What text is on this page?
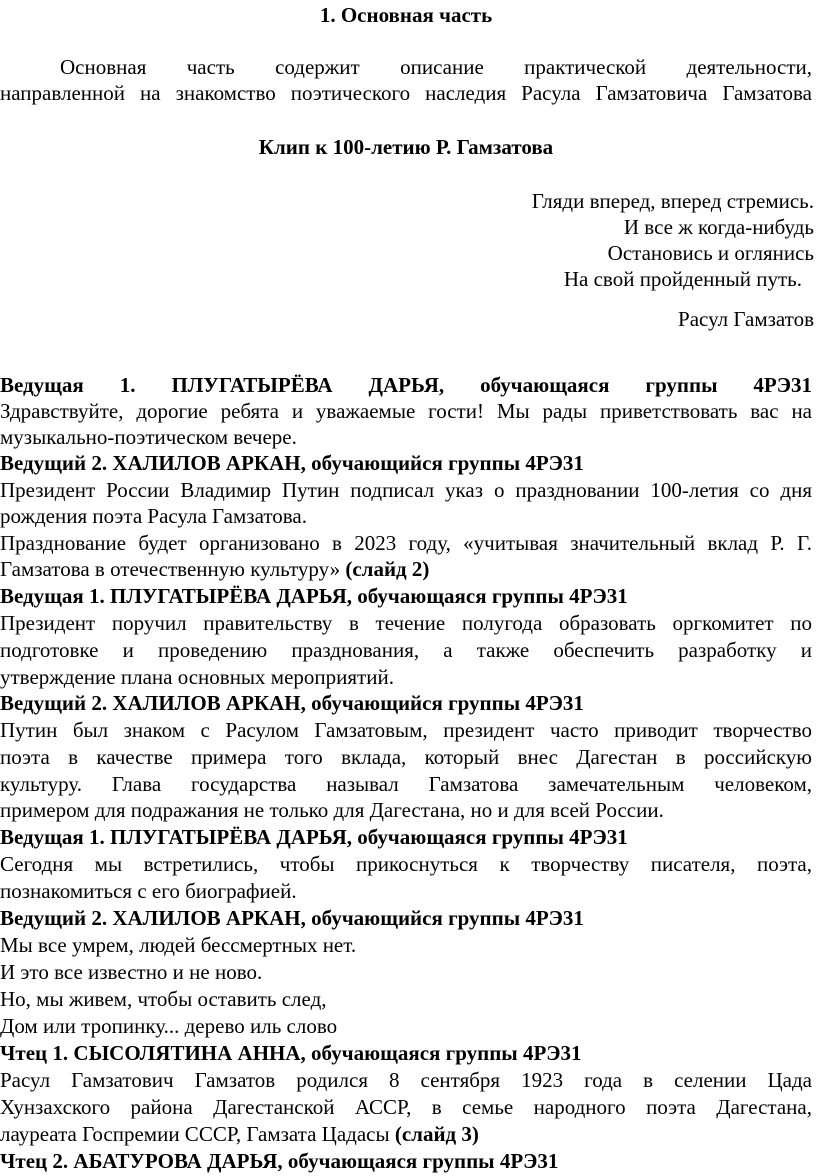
1. Основная часть
Основная часть содержит описание практической деятельности,
направленной на знакомство поэтического наследия Расула Гамзатовича Гамзатова
Клип к 100-летию Р. Гамзатова
Гляди вперед, вперед стремись.
И все ж когда-нибудь
Остановись и оглянись
На свой пройденный путь.
Расул Гамзатов
Ведущая 1. ПЛУГАТЫРЁВА ДАРЬЯ, обучающаяся группы 4РЭ31
Здравствуйте, дорогие ребята и уважаемые гости! Мы рады приветствовать вас на
музыкально-поэтическом вечере.
Ведущий 2. ХАЛИЛОВ АРКАН, обучающийся группы 4РЭ31
Президент России Владимир Путин подписал указ о праздновании 100-летия со дня
рождения поэта Расула Гамзатова.
Празднование будет организовано в 2023 году, «учитывая значительный вклад Р. Г.
Гамзатова в отечественную культуру» (слайд 2)
Ведущая 1. ПЛУГАТЫРЁВА ДАРЬЯ, обучающаяся группы 4РЭ31
Президент поручил правительству в течение полугода образовать оргкомитет по
подготовке и проведению празднования, а также обеспечить разработку и
утверждение плана основных мероприятий.
Ведущий 2. ХАЛИЛОВ АРКАН, обучающийся группы 4РЭ31
Путин был знаком с Расулом Гамзатовым, президент часто приводит творчество
поэта в качестве примера того вклада, который внес Дагестан в российскую
культуру. Глава государства называл Гамзатова замечательным человеком,
примером для подражания не только для Дагестана, но и для всей России.
Ведущая 1. ПЛУГАТЫРЁВА ДАРЬЯ, обучающаяся группы 4РЭ31
Сегодня мы встретились, чтобы прикоснуться к творчеству писателя, поэта,
познакомиться с его биографией.
Ведущий 2. ХАЛИЛОВ АРКАН, обучающийся группы 4РЭ31
Мы все умрем, людей бессмертных нет.
И это все известно и не ново.
Но, мы живем, чтобы оставить след,
Дом или тропинку... дерево иль слово
Чтец 1. СЫСОЛЯТИНА АННА, обучающаяся группы 4РЭ31
Расул Гамзатович Гамзатов родился 8 сентября 1923 года в селении Цада
Хунзахского района Дагестанской АССР, в семье народного поэта Дагестана,
лауреата Госпремии СССР, Гамзата Цадасы (слайд 3)
Чтец 2. АБАТУРОВА ДАРЬЯ, обучающаяся группы 4РЭ31
